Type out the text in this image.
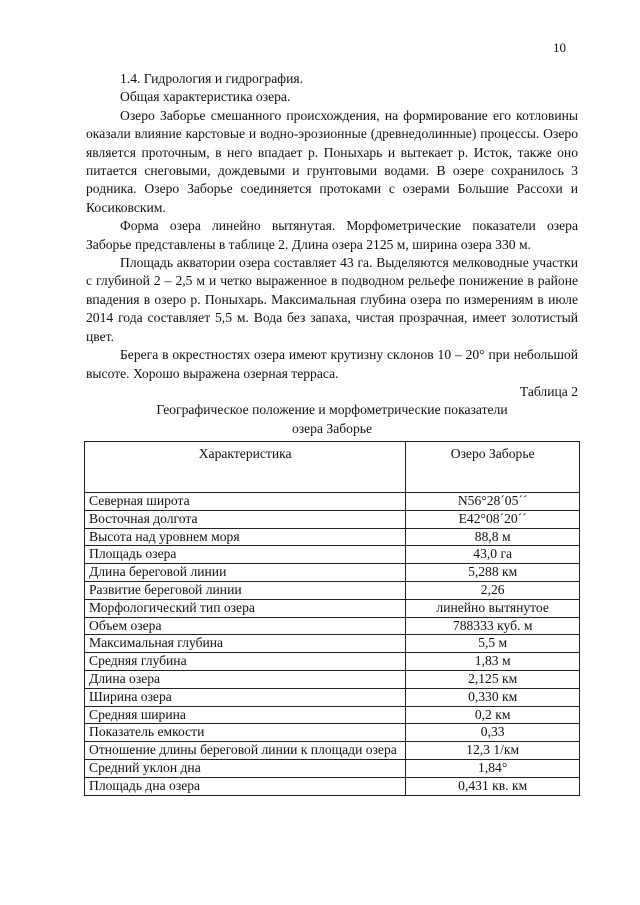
10

1.4. Гидрология и гидрография.

Общая характеристика озера.

Озеро Заборье смешанного происхождения, на формирование его котловины оказали влияние карстовые и водно-эрозионные (древнедолинные) процессы. Озеро является проточным, в него впадает р. Поныхарь и вытекает р. Исток, также оно питается снеговыми, дождевыми и грунтовыми водами. В озере сохранилось 3 родника. Озеро Заборье соединяется протоками с озерами Большие Рассохи и Косиковским.

Форма озера линейно вытянутая. Морфометрические показатели озера Заборье представлены в таблице 2. Длина озера 2125 м, ширина озера 330 м.

Площадь акватории озера составляет 43 га. Выделяются мелководные участки с глубиной 2 – 2,5 м и четко выраженное в подводном рельефе понижение в районе впадения в озеро р. Поныхарь. Максимальная глубина озера по измерениям в июле 2014 года составляет 5,5 м. Вода без запаха, чистая прозрачная, имеет золотистый цвет.

Берега в окрестностях озера имеют крутизну склонов 10 – 20° при небольшой высоте. Хорошо выражена озерная терраса.

Таблица 2

Географическое положение и морфометрические показатели

озера Заборье

Характеристика	Озеро Заборье
Северная широта	N56°28´05´´
Восточная долгота	E42°08´20´´
Высота над уровнем моря	88,8 м
Площадь озера	43,0 га
Длина береговой линии	5,288 км
Развитие береговой линии	2,26
Морфологический тип озера	линейно вытянутое
Объем озера	788333 куб. м
Максимальная глубина	5,5 м
Средняя глубина	1,83 м
Длина озера	2,125 км
Ширина озера	0,330 км
Средняя ширина	0,2 км
Показатель емкости	0,33
Отношение длины береговой линии к площади озера	12,3 1/км
Средний уклон дна	1,84°
Площадь дна озера	0,431 кв. км
